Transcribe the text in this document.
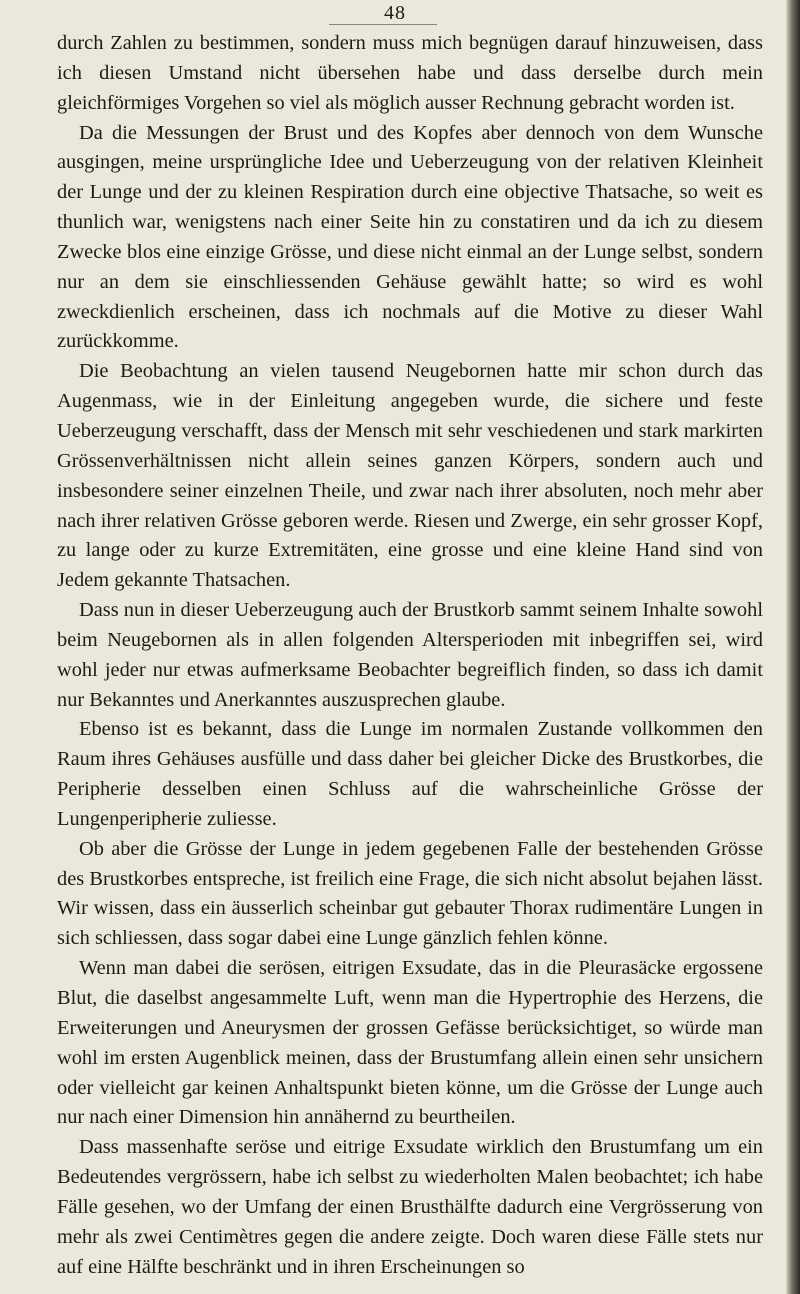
48

durch Zahlen zu bestimmen, sondern muss mich begnügen darauf hinzuweisen, dass ich diesen Umstand nicht übersehen habe und dass derselbe durch mein gleichförmiges Vorgehen so viel als möglich ausser Rechnung gebracht worden ist.

Da die Messungen der Brust und des Kopfes aber dennoch von dem Wunsche ausgingen, meine ursprüngliche Idee und Ueberzeugung von der relativen Kleinheit der Lunge und der zu kleinen Respiration durch eine objective Thatsache, so weit es thunlich war, wenigstens nach einer Seite hin zu constatiren und da ich zu diesem Zwecke blos eine einzige Grösse, und diese nicht einmal an der Lunge selbst, sondern nur an dem sie einschliessenden Gehäuse gewählt hatte; so wird es wohl zweckdienlich erscheinen, dass ich nochmals auf die Motive zu dieser Wahl zurückkomme.

Die Beobachtung an vielen tausend Neugebornen hatte mir schon durch das Augenmass, wie in der Einleitung angegeben wurde, die sichere und feste Ueberzeugung verschafft, dass der Mensch mit sehr veschiedenen und stark markirten Grössenverhältnissen nicht allein seines ganzen Körpers, sondern auch und insbesondere seiner einzelnen Theile, und zwar nach ihrer absoluten, noch mehr aber nach ihrer relativen Grösse geboren werde. Riesen und Zwerge, ein sehr grosser Kopf, zu lange oder zu kurze Extremitäten, eine grosse und eine kleine Hand sind von Jedem gekannte Thatsachen.

Dass nun in dieser Ueberzeugung auch der Brustkorb sammt seinem Inhalte sowohl beim Neugebornen als in allen folgenden Altersperioden mit inbegriffen sei, wird wohl jeder nur etwas aufmerksame Beobachter begreiflich finden, so dass ich damit nur Bekanntes und Anerkanntes auszusprechen glaube.

Ebenso ist es bekannt, dass die Lunge im normalen Zustande vollkommen den Raum ihres Gehäuses ausfülle und dass daher bei gleicher Dicke des Brustkorbes, die Peripherie desselben einen Schluss auf die wahrscheinliche Grösse der Lungenperipherie zuliesse.

Ob aber die Grösse der Lunge in jedem gegebenen Falle der bestehenden Grösse des Brustkorbes entspreche, ist freilich eine Frage, die sich nicht absolut bejahen lässt. Wir wissen, dass ein äusserlich scheinbar gut gebauter Thorax rudimentäre Lungen in sich schliessen, dass sogar dabei eine Lunge gänzlich fehlen könne.

Wenn man dabei die serösen, eitrigen Exsudate, das in die Pleurasäcke ergossene Blut, die daselbst angesammelte Luft, wenn man die Hypertrophie des Herzens, die Erweiterungen und Aneurysmen der grossen Gefässe berücksichtiget, so würde man wohl im ersten Augenblick meinen, dass der Brustumfang allein einen sehr unsichern oder vielleicht gar keinen Anhaltspunkt bieten könne, um die Grösse der Lunge auch nur nach einer Dimension hin annähernd zu beurtheilen.

Dass massenhafte seröse und eitrige Exsudate wirklich den Brustumfang um ein Bedeutendes vergrössern, habe ich selbst zu wiederholten Malen beobachtet; ich habe Fälle gesehen, wo der Umfang der einen Brusthälfte dadurch eine Vergrösserung von mehr als zwei Centimètres gegen die andere zeigte. Doch waren diese Fälle stets nur auf eine Hälfte beschränkt und in ihren Erscheinungen so
